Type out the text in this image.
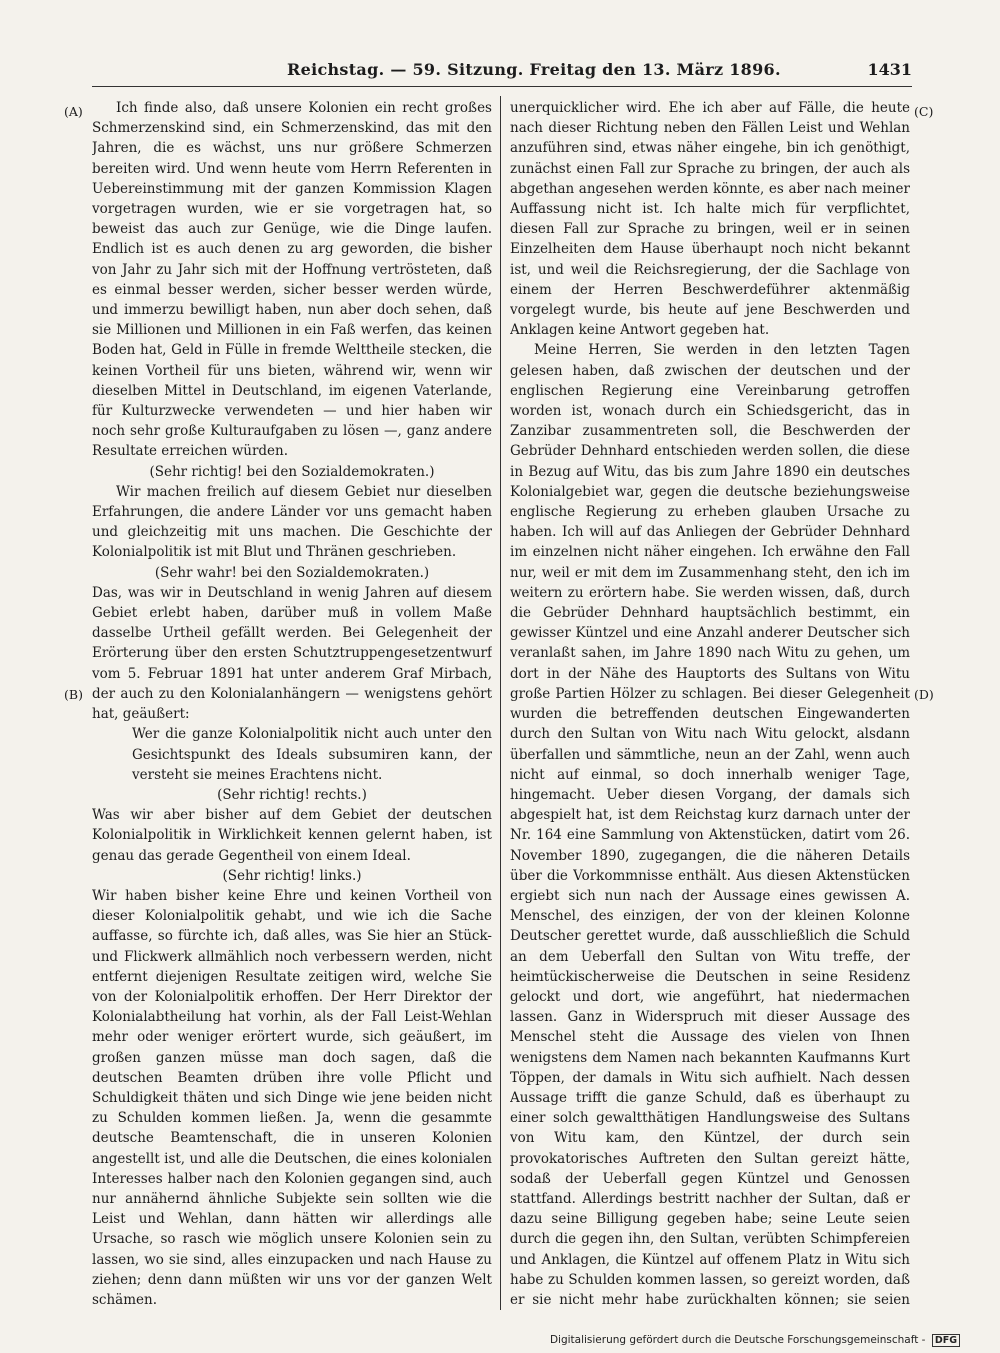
Reichstag. — 59. Sitzung. Freitag den 13. März 1896.	1431
(A)
(B)
(C)
(D)

Ich finde also, daß unsere Kolonien ein recht großes Schmerzenskind sind, ein Schmerzenskind, das mit den Jahren, die es wächst, uns nur größere Schmerzen bereiten wird. Und wenn heute vom Herrn Referenten in Uebereinstimmung mit der ganzen Kommission Klagen vorgetragen wurden, wie er sie vorgetragen hat, so beweist das auch zur Genüge, wie die Dinge laufen. Endlich ist es auch denen zu arg geworden, die bisher von Jahr zu Jahr sich mit der Hoffnung vertrösteten, daß es einmal besser werden, sicher besser werden würde, und immerzu bewilligt haben, nun aber doch sehen, daß sie Millionen und Millionen in ein Faß werfen, das keinen Boden hat, Geld in Fülle in fremde Welttheile stecken, die keinen Vortheil für uns bieten, während wir, wenn wir dieselben Mittel in Deutschland, im eigenen Vaterlande, für Kulturzwecke verwendeten — und hier haben wir noch sehr große Kulturaufgaben zu lösen —, ganz andere Resultate erreichen würden.

(Sehr richtig! bei den Sozialdemokraten.)

Wir machen freilich auf diesem Gebiet nur dieselben Erfahrungen, die andere Länder vor uns gemacht haben und gleichzeitig mit uns machen. Die Geschichte der Kolonialpolitik ist mit Blut und Thränen geschrieben.

(Sehr wahr! bei den Sozialdemokraten.)

Das, was wir in Deutschland in wenig Jahren auf diesem Gebiet erlebt haben, darüber muß in vollem Maße dasselbe Urtheil gefällt werden. Bei Gelegenheit der Erörterung über den ersten Schutztruppengesetzentwurf vom 5. Februar 1891 hat unter anderem Graf Mirbach, der auch zu den Kolonialanhängern — wenigstens gehört hat, geäußert:

Wer die ganze Kolonialpolitik nicht auch unter den Gesichtspunkt des Ideals subsumiren kann, der versteht sie meines Erachtens nicht.

(Sehr richtig! rechts.)

Was wir aber bisher auf dem Gebiet der deutschen Kolonialpolitik in Wirklichkeit kennen gelernt haben, ist genau das gerade Gegentheil von einem Ideal.

(Sehr richtig! links.)

Wir haben bisher keine Ehre und keinen Vortheil von dieser Kolonialpolitik gehabt, und wie ich die Sache auffasse, so fürchte ich, daß alles, was Sie hier an Stück- und Flickwerk allmählich noch verbessern werden, nicht entfernt diejenigen Resultate zeitigen wird, welche Sie von der Kolonialpolitik erhoffen. Der Herr Direktor der Kolonialabtheilung hat vorhin, als der Fall Leist-Wehlan mehr oder weniger erörtert wurde, sich geäußert, im großen ganzen müsse man doch sagen, daß die deutschen Beamten drüben ihre volle Pflicht und Schuldigkeit thäten und sich Dinge wie jene beiden nicht zu Schulden kommen ließen. Ja, wenn die gesammte deutsche Beamtenschaft, die in unseren Kolonien angestellt ist, und alle die Deutschen, die eines kolonialen Interesses halber nach den Kolonien gegangen sind, auch nur annähernd ähnliche Subjekte sein sollten wie die Leist und Wehlan, dann hätten wir allerdings alle Ursache, so rasch wie möglich unsere Kolonien sein zu lassen, wo sie sind, alles einzupacken und nach Hause zu ziehen; denn dann müßten wir uns vor der ganzen Welt schämen.

unerquicklicher wird. Ehe ich aber auf Fälle, die heute nach dieser Richtung neben den Fällen Leist und Wehlan anzuführen sind, etwas näher eingehe, bin ich genöthigt, zunächst einen Fall zur Sprache zu bringen, der auch als abgethan angesehen werden könnte, es aber nach meiner Auffassung nicht ist. Ich halte mich für verpflichtet, diesen Fall zur Sprache zu bringen, weil er in seinen Einzelheiten dem Hause überhaupt noch nicht bekannt ist, und weil die Reichsregierung, der die Sachlage von einem der Herren Beschwerdeführer aktenmäßig vorgelegt wurde, bis heute auf jene Beschwerden und Anklagen keine Antwort gegeben hat.

Meine Herren, Sie werden in den letzten Tagen gelesen haben, daß zwischen der deutschen und der englischen Regierung eine Vereinbarung getroffen worden ist, wonach durch ein Schiedsgericht, das in Zanzibar zusammentreten soll, die Beschwerden der Gebrüder Dehnhard entschieden werden sollen, die diese in Bezug auf Witu, das bis zum Jahre 1890 ein deutsches Kolonialgebiet war, gegen die deutsche beziehungsweise englische Regierung zu erheben glauben Ursache zu haben. Ich will auf das Anliegen der Gebrüder Dehnhard im einzelnen nicht näher eingehen. Ich erwähne den Fall nur, weil er mit dem im Zusammenhang steht, den ich im weitern zu erörtern habe. Sie werden wissen, daß, durch die Gebrüder Dehnhard hauptsächlich bestimmt, ein gewisser Küntzel und eine Anzahl anderer Deutscher sich veranlaßt sahen, im Jahre 1890 nach Witu zu gehen, um dort in der Nähe des Hauptorts des Sultans von Witu große Partien Hölzer zu schlagen. Bei dieser Gelegenheit wurden die betreffenden deutschen Eingewanderten durch den Sultan von Witu nach Witu gelockt, alsdann überfallen und sämmtliche, neun an der Zahl, wenn auch nicht auf einmal, so doch innerhalb weniger Tage, hingemacht. Ueber diesen Vorgang, der damals sich abgespielt hat, ist dem Reichstag kurz darnach unter der Nr. 164 eine Sammlung von Aktenstücken, datirt vom 26. November 1890, zugegangen, die die näheren Details über die Vorkommnisse enthält. Aus diesen Aktenstücken ergiebt sich nun nach der Aussage eines gewissen A. Menschel, des einzigen, der von der kleinen Kolonne Deutscher gerettet wurde, daß ausschließlich die Schuld an dem Ueberfall den Sultan von Witu treffe, der heimtückischerweise die Deutschen in seine Residenz gelockt und dort, wie angeführt, hat niedermachen lassen. Ganz in Widerspruch mit dieser Aussage des Menschel steht die Aussage des vielen von Ihnen wenigstens dem Namen nach bekannten Kaufmanns Kurt Töppen, der damals in Witu sich aufhielt. Nach dessen Aussage trifft die ganze Schuld, daß es überhaupt zu einer solch gewaltthätigen Handlungsweise des Sultans von Witu kam, den Küntzel, der durch sein provokatorisches Auftreten den Sultan gereizt hätte, sodaß der Ueberfall gegen Küntzel und Genossen stattfand. Allerdings bestritt nachher der Sultan, daß er dazu seine Billigung gegeben habe; seine Leute seien durch die gegen ihn, den Sultan, verübten Schimpfereien und Anklagen, die Küntzel auf offenem Platz in Witu sich habe zu Schulden kommen lassen, so gereizt worden, daß er sie nicht mehr habe zurückhalten können; sie seien

Digitalisierung gefördert durch die Deutsche Forschungsgemeinschaft - DFG
